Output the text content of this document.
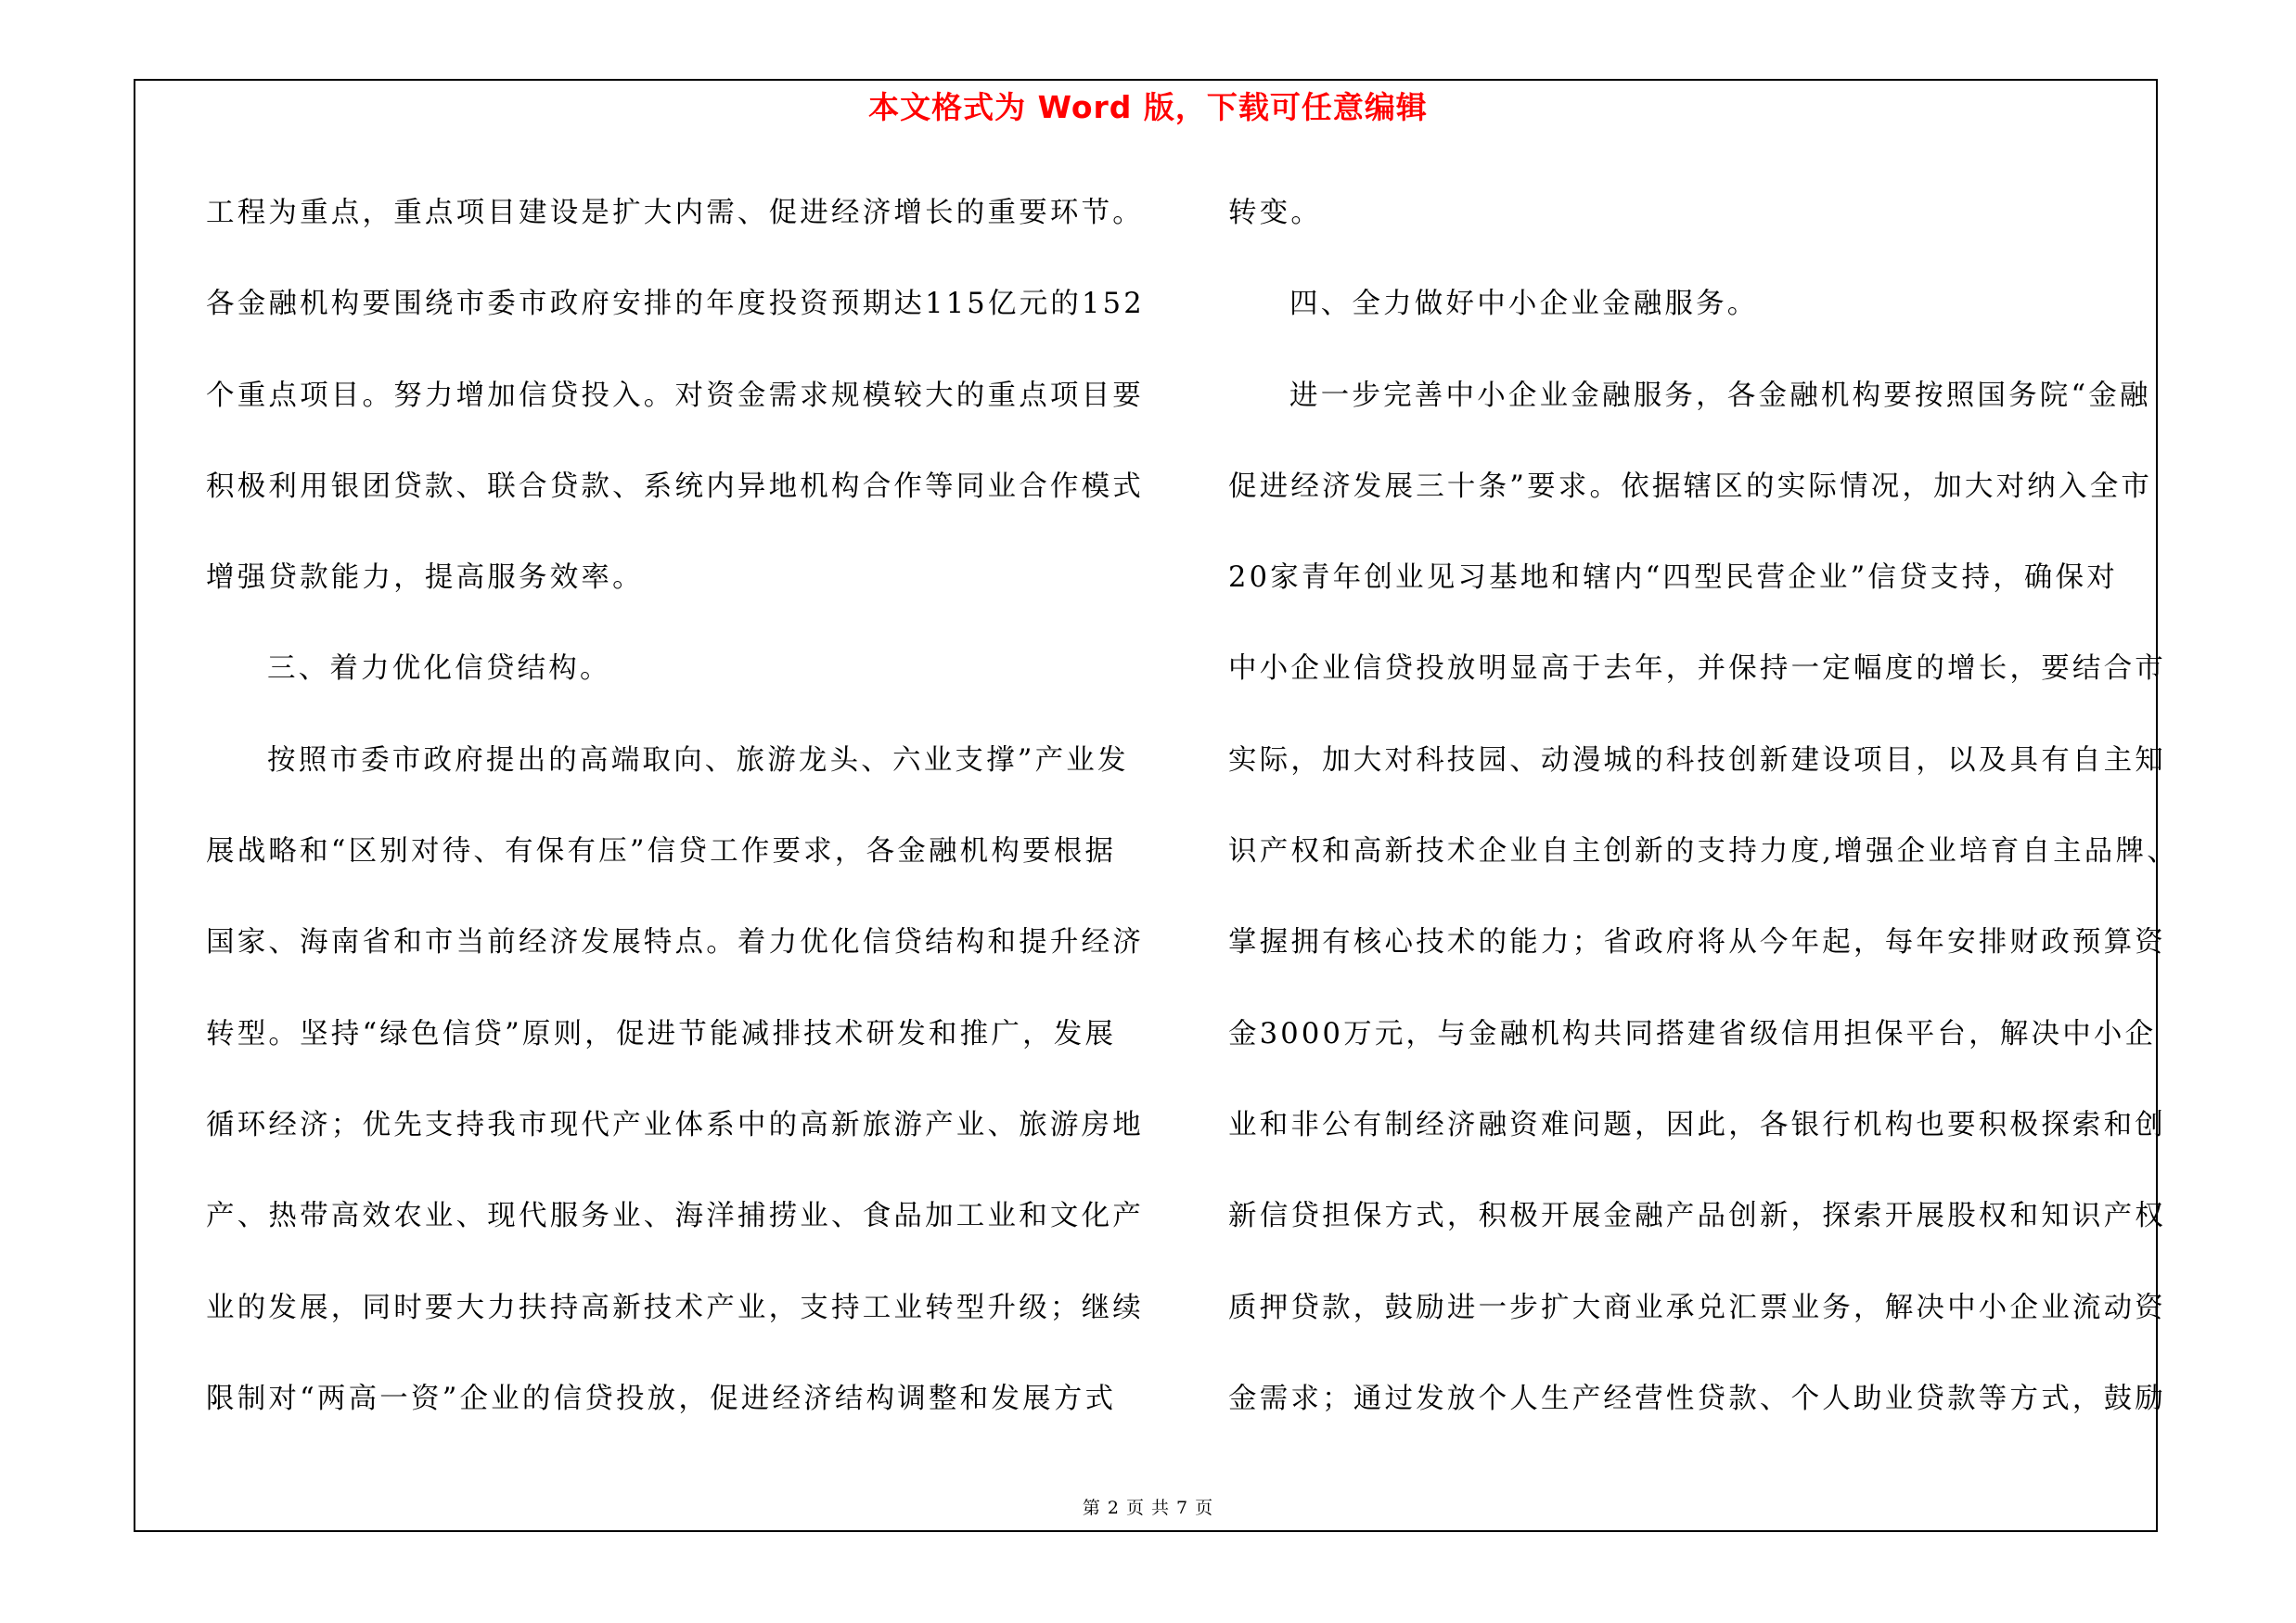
本文格式为 Word 版，下载可任意编辑
工程为重点，重点项目建设是扩大内需、促进经济增长的重要环节。
各金融机构要围绕市委市政府安排的年度投资预期达115亿元的152
个重点项目。努力增加信贷投入。对资金需求规模较大的重点项目要
积极利用银团贷款、联合贷款、系统内异地机构合作等同业合作模式
增强贷款能力，提高服务效率。
三、着力优化信贷结构。
按照市委市政府提出的高端取向、旅游龙头、六业支撑”产业发
展战略和“区别对待、有保有压”信贷工作要求，各金融机构要根据
国家、海南省和市当前经济发展特点。着力优化信贷结构和提升经济
转型。坚持“绿色信贷”原则，促进节能减排技术研发和推广，发展
循环经济；优先支持我市现代产业体系中的高新旅游产业、旅游房地
产、热带高效农业、现代服务业、海洋捕捞业、食品加工业和文化产
业的发展，同时要大力扶持高新技术产业，支持工业转型升级；继续
限制对“两高一资”企业的信贷投放，促进经济结构调整和发展方式
转变。
四、全力做好中小企业金融服务。
进一步完善中小企业金融服务，各金融机构要按照国务院“金融
促进经济发展三十条”要求。依据辖区的实际情况，加大对纳入全市
20家青年创业见习基地和辖内“四型民营企业”信贷支持，确保对
中小企业信贷投放明显高于去年，并保持一定幅度的增长，要结合市
实际，加大对科技园、动漫城的科技创新建设项目，以及具有自主知
识产权和高新技术企业自主创新的支持力度,增强企业培育自主品牌、
掌握拥有核心技术的能力；省政府将从今年起，每年安排财政预算资
金3000万元，与金融机构共同搭建省级信用担保平台，解决中小企
业和非公有制经济融资难问题，因此，各银行机构也要积极探索和创
新信贷担保方式，积极开展金融产品创新，探索开展股权和知识产权
质押贷款，鼓励进一步扩大商业承兑汇票业务，解决中小企业流动资
金需求；通过发放个人生产经营性贷款、个人助业贷款等方式，鼓励
第 2 页 共 7 页
